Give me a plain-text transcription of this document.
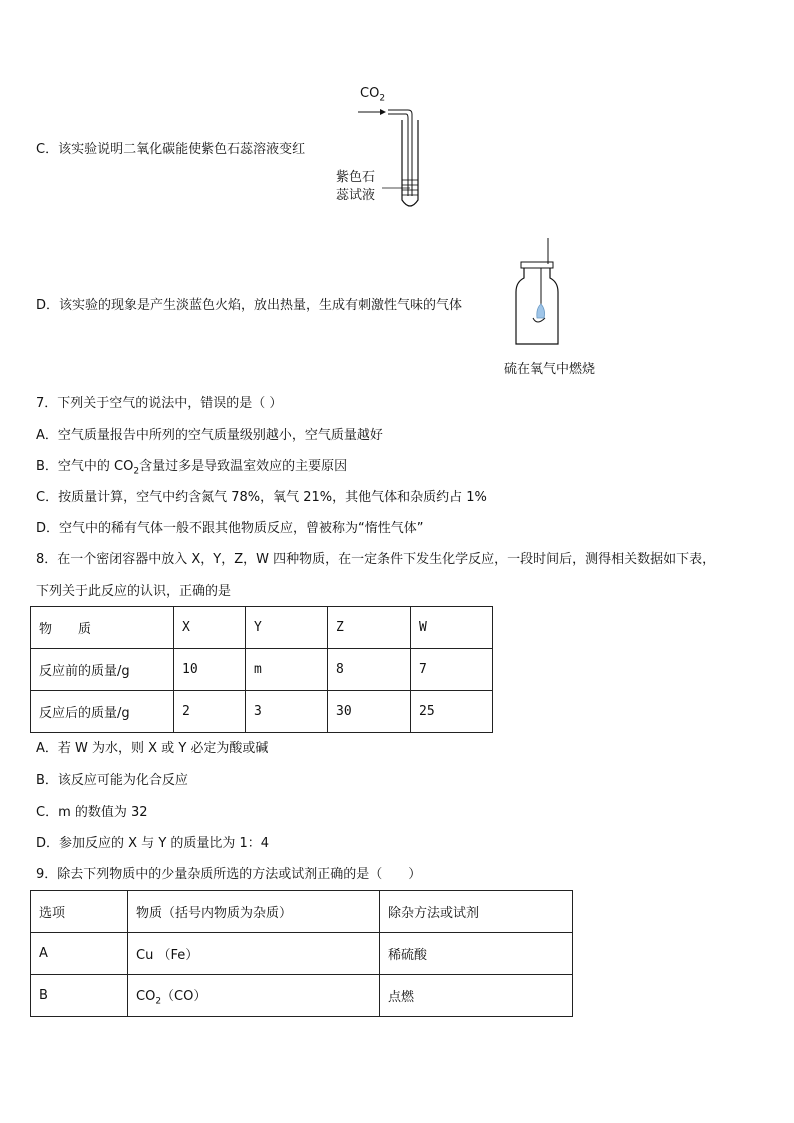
C．该实验说明二氧化碳能使紫色石蕊溶液变红
$CO_2$
紫色石
蕊试液
D．该实验的现象是产生淡蓝色火焰，放出热量，生成有刺激性气味的气体
硫在氧气中燃烧
7．下列关于空气的说法中，错误的是（ ）
A．空气质量报告中所列的空气质量级别越小，空气质量越好
B．空气中的 $CO_2$含量过多是导致温室效应的主要原因
C．按质量计算，空气中约含氮气 78%，氧气 21%，其他气体和杂质约占 1%
D．空气中的稀有气体一般不跟其他物质反应，曾被称为“惰性气体”
8．在一个密闭容器中放入 X，Y，Z，W 四种物质，在一定条件下发生化学反应，一段时间后，测得相关数据如下表，
下列关于此反应的认识，正确的是
物　　质	X	Y	Z	W
反应前的质量/g	10	m	8	7
反应后的质量/g	2	3	30	25
A．若 W 为水，则 X 或 Y 必定为酸或碱
B．该反应可能为化合反应
C．m 的数值为 32
D．参加反应的 X 与 Y 的质量比为 1：4
9．除去下列物质中的少量杂质所选的方法或试剂正确的是（　　）
选项	物质（括号内物质为杂质）	除杂方法或试剂
A	Cu （Fe）	稀硫酸
B	$CO_2(CO)$	点燃
